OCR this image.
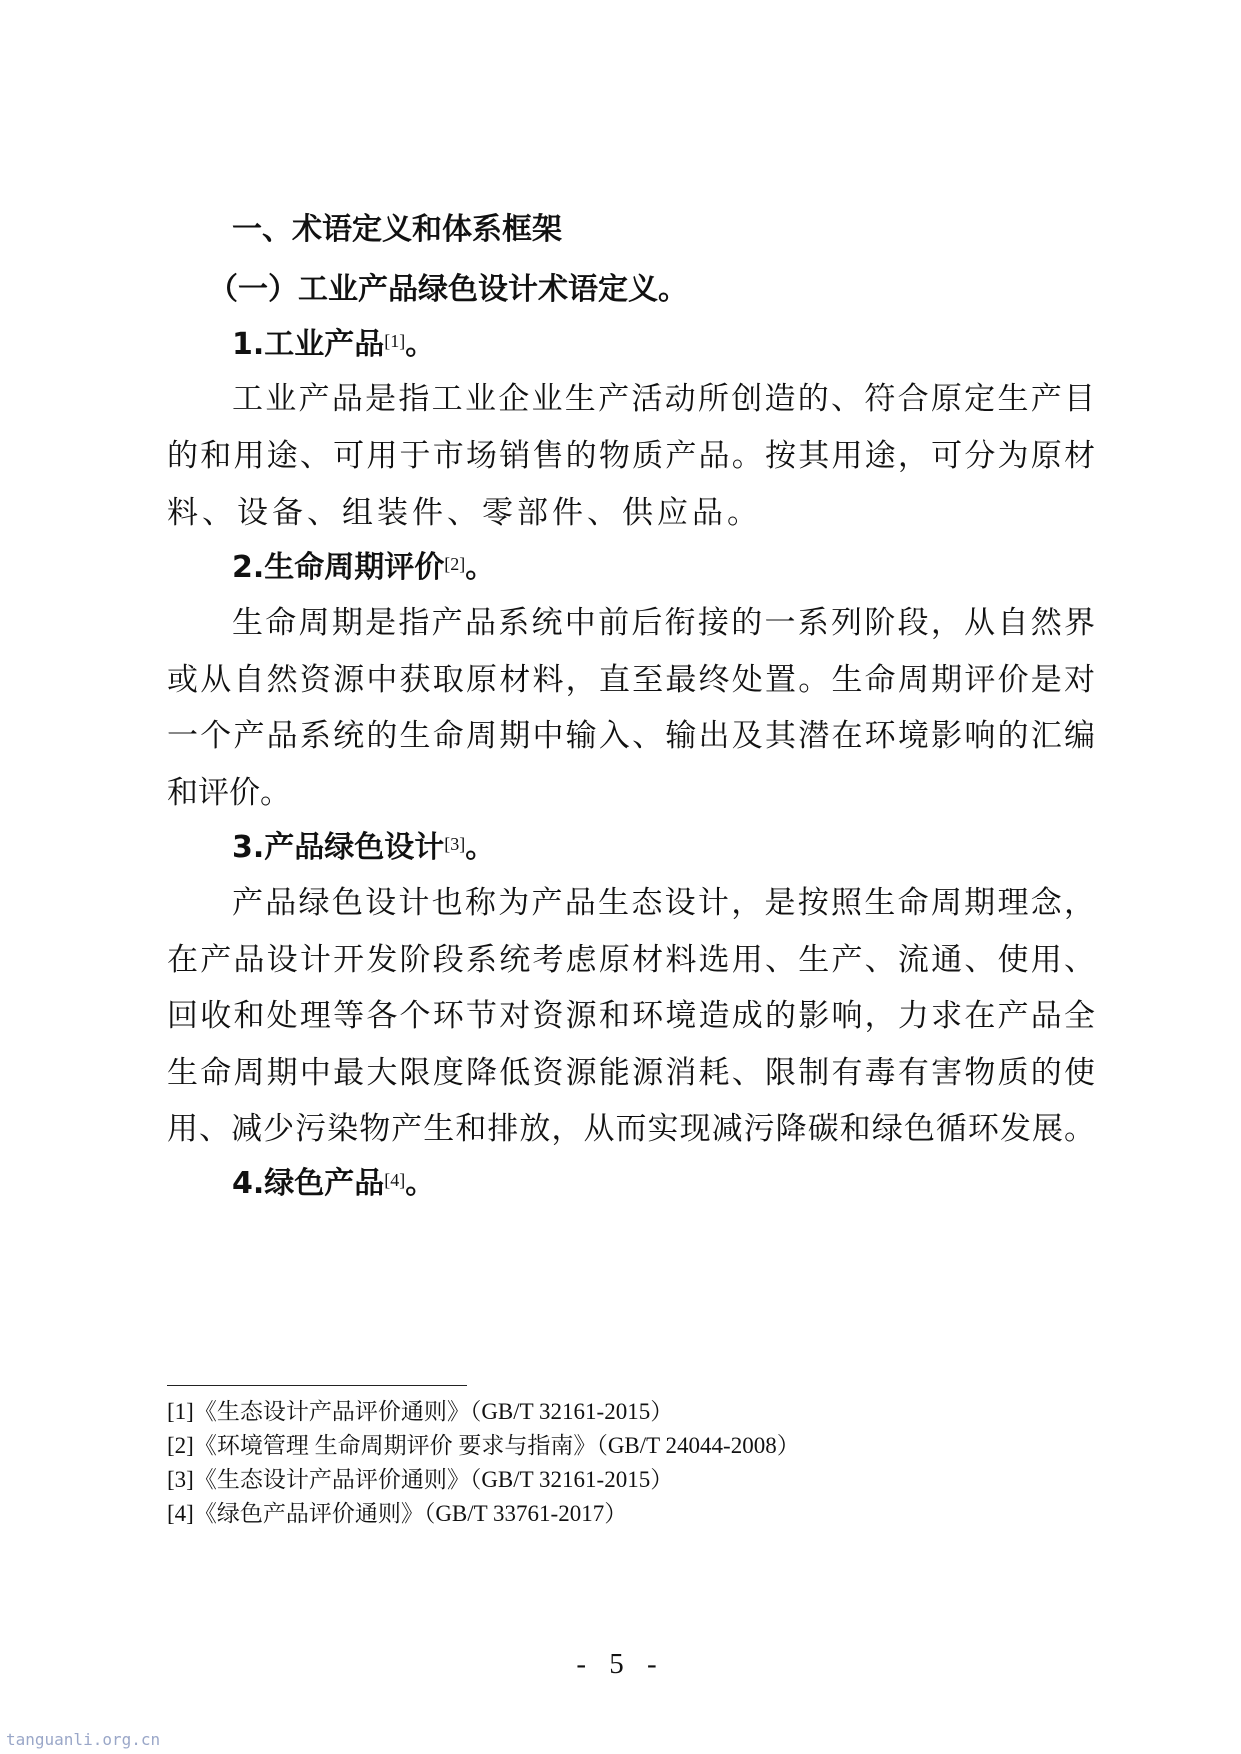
一、术语定义和体系框架
（一）工业产品绿色设计术语定义。
1.工业产品[1]。
工业产品是指工业企业生产活动所创造的、符合原定生产目
的和用途、可用于市场销售的物质产品。按其用途，可分为原材
料、设备、组装件、零部件、供应品。
2.生命周期评价[2]。
生命周期是指产品系统中前后衔接的一系列阶段，从自然界
或从自然资源中获取原材料，直至最终处置。生命周期评价是对
一个产品系统的生命周期中输入、输出及其潜在环境影响的汇编
和评价。
3.产品绿色设计[3]。
产品绿色设计也称为产品生态设计，是按照生命周期理念，
在产品设计开发阶段系统考虑原材料选用、生产、流通、使用、
回收和处理等各个环节对资源和环境造成的影响，力求在产品全
生命周期中最大限度降低资源能源消耗、限制有毒有害物质的使
用、减少污染物产生和排放，从而实现减污降碳和绿色循环发展。
4.绿色产品[4]。
[1]《生态设计产品评价通则》（GB/T 32161-2015）
[2]《环境管理 生命周期评价 要求与指南》（GB/T 24044-2008）
[3]《生态设计产品评价通则》（GB/T 32161-2015）
[4]《绿色产品评价通则》（GB/T 33761-2017）
- 5 -
tanguanli.org.cn
